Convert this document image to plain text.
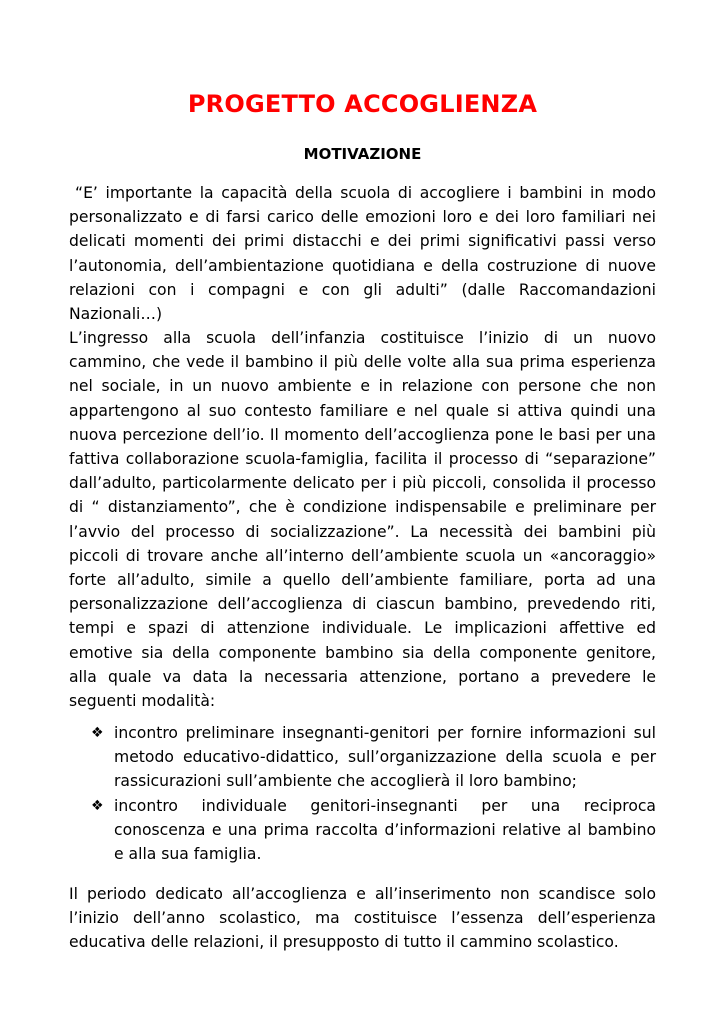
PROGETTO ACCOGLIENZA
MOTIVAZIONE

“E’ importante la capacità della scuola di accogliere i bambini in modo personalizzato e di farsi carico delle emozioni loro e dei loro familiari nei delicati momenti dei primi distacchi e dei primi significativi passi verso l’autonomia, dell’ambientazione quotidiana e della costruzione di nuove relazioni con i compagni e con gli adulti” (dalle Raccomandazioni Nazionali…)

L’ingresso alla scuola dell’infanzia costituisce l’inizio di un nuovo cammino, che vede il bambino il più delle volte alla sua prima esperienza nel sociale, in un nuovo ambiente e in relazione con persone che non appartengono al suo contesto familiare e nel quale si attiva quindi una nuova percezione dell’io. Il momento dell’accoglienza pone le basi per una fattiva collaborazione scuola-famiglia, facilita il processo di “separazione” dall’adulto, particolarmente delicato per i più piccoli, consolida il processo di “ distanziamento”, che è condizione indispensabile e preliminare per l’avvio del processo di socializzazione”. La necessità dei bambini più piccoli di trovare anche all’interno dell’ambiente scuola un «ancoraggio» forte all’adulto, simile a quello dell’ambiente familiare, porta ad una personalizzazione dell’accoglienza di ciascun bambino, prevedendo riti, tempi e spazi di attenzione individuale. Le implicazioni affettive ed emotive sia della componente bambino sia della componente genitore, alla quale va data la necessaria attenzione, portano a prevedere le seguenti modalità:

❖ incontro preliminare insegnanti-genitori per fornire informazioni sul metodo educativo-didattico, sull’organizzazione della scuola e per rassicurazioni sull’ambiente che accoglierà il loro bambino;
❖ incontro individuale genitori-insegnanti per una reciproca conoscenza e una prima raccolta d’informazioni relative al bambino e alla sua famiglia.

Il periodo dedicato all’accoglienza e all’inserimento non scandisce solo l’inizio dell’anno scolastico, ma costituisce l’essenza dell’esperienza educativa delle relazioni, il presupposto di tutto il cammino scolastico.
